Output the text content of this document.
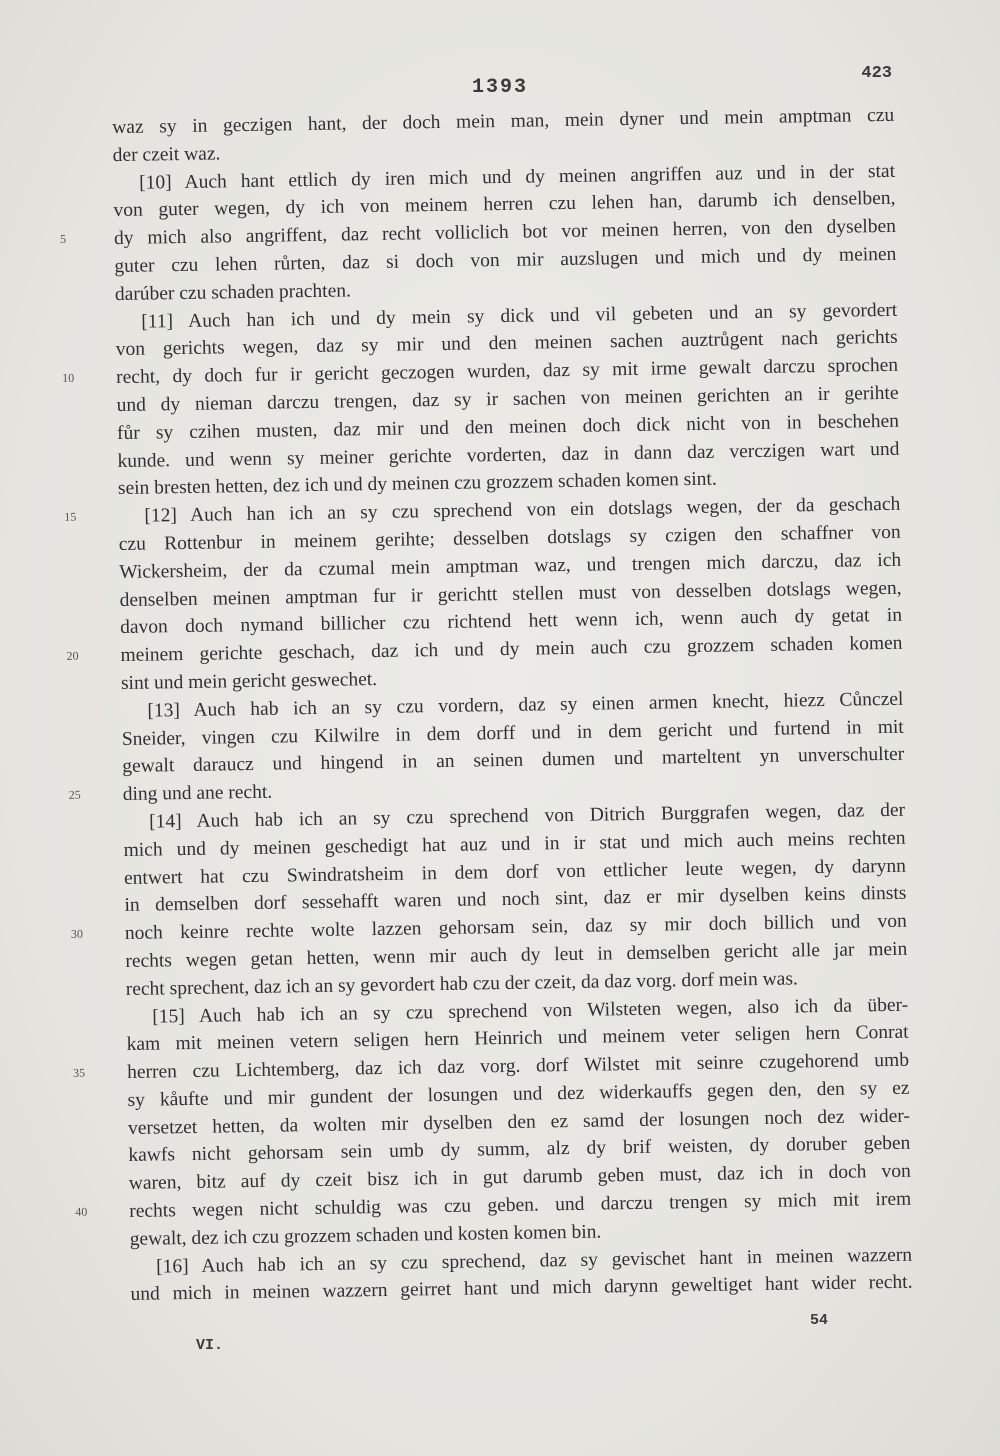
1393
423
waz sy in geczigen hant, der doch mein man, mein dyner und mein amptman czu
der czeit waz.
[10] Auch hant ettlich dy iren mich und dy meinen angriffen auz und in der stat
von guter wegen, dy ich von meinem herren czu lehen han, darumb ich denselben,
5	dy mich also angriffent, daz recht volliclich bot vor meinen herren, von den dyselben
guter czu lehen růrten, daz si doch von mir auzslugen und mich und dy meinen
darúber czu schaden prachten.
[11] Auch han ich und dy mein sy dick und vil gebeten und an sy gevordert
von gerichts wegen, daz sy mir und den meinen sachen auztrůgent nach gerichts
10	recht, dy doch fur ir gericht geczogen wurden, daz sy mit irme gewalt darczu sprochen
und dy nieman darczu trengen, daz sy ir sachen von meinen gerichten an ir gerihte
fůr sy czihen musten, daz mir und den meinen doch dick nicht von in beschehen
kunde. und wenn sy meiner gerichte vorderten, daz in dann daz verczigen wart und
sein bresten hetten, dez ich und dy meinen czu grozzem schaden komen sint.
15	[12] Auch han ich an sy czu sprechend von ein dotslags wegen, der da geschach
czu Rottenbur in meinem gerihte; desselben dotslags sy czigen den schaffner von
Wickersheim, der da czumal mein amptman waz, und trengen mich darczu, daz ich
denselben meinen amptman fur ir gerichtt stellen must von desselben dotslags wegen,
davon doch nymand billicher czu richtend hett wenn ich, wenn auch dy getat in
20	meinem gerichte geschach, daz ich und dy mein auch czu grozzem schaden komen
sint und mein gericht geswechet.
[13] Auch hab ich an sy czu vordern, daz sy einen armen knecht, hiezz Cůnczel
Sneider, vingen czu Kilwilre in dem dorff und in dem gericht und furtend in mit
gewalt daraucz und hingend in an seinen dumen und marteltent yn unverschulter
25	ding und ane recht.
[14] Auch hab ich an sy czu sprechend von Ditrich Burggrafen wegen, daz der
mich und dy meinen geschedigt hat auz und in ir stat und mich auch meins rechten
entwert hat czu Swindratsheim in dem dorf von ettlicher leute wegen, dy darynn
in demselben dorf sessehafft waren und noch sint, daz er mir dyselben keins dinsts
30	noch keinre rechte wolte lazzen gehorsam sein, daz sy mir doch billich und von
rechts wegen getan hetten, wenn mir auch dy leut in demselben gericht alle jar mein
recht sprechent, daz ich an sy gevordert hab czu der czeit, da daz vorg. dorf mein was.
[15] Auch hab ich an sy czu sprechend von Wilsteten wegen, also ich da über-
kam mit meinen vetern seligen hern Heinrich und meinem veter seligen hern Conrat
35	herren czu Lichtemberg, daz ich daz vorg. dorf Wilstet mit seinre czugehorend umb
sy kåufte und mir gundent der losungen und dez widerkauffs gegen den, den sy ez
versetzet hetten, da wolten mir dyselben den ez samd der losungen noch dez wider-
kawfs nicht gehorsam sein umb dy summ, alz dy brif weisten, dy doruber geben
waren, bitz auf dy czeit bisz ich in gut darumb geben must, daz ich in doch von
40	rechts wegen nicht schuldig was czu geben. und darczu trengen sy mich mit irem
gewalt, dez ich czu grozzem schaden und kosten komen bin.
[16] Auch hab ich an sy czu sprechend, daz sy gevischet hant in meinen wazzern
und mich in meinen wazzern geirret hant und mich darynn geweltiget hant wider recht.
VI.
54
